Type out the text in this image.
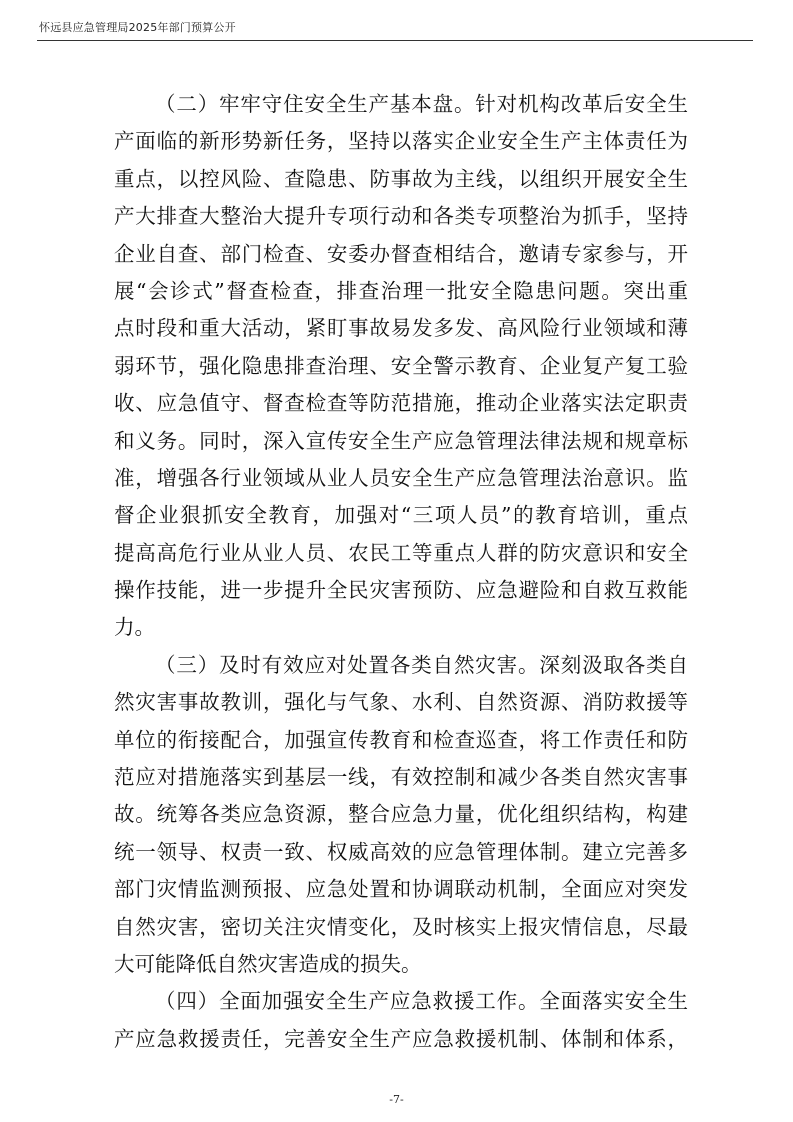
怀远县应急管理局2025年部门预算公开
（二）牢牢守住安全生产基本盘。针对机构改革后安全生
产面临的新形势新任务，坚持以落实企业安全生产主体责任为
重点，以控风险、查隐患、防事故为主线，以组织开展安全生
产大排查大整治大提升专项行动和各类专项整治为抓手，坚持
企业自查、部门检查、安委办督查相结合，邀请专家参与，开
展“会诊式”督查检查，排查治理一批安全隐患问题。突出重
点时段和重大活动，紧盯事故易发多发、高风险行业领域和薄
弱环节，强化隐患排查治理、安全警示教育、企业复产复工验
收、应急值守、督查检查等防范措施，推动企业落实法定职责
和义务。同时，深入宣传安全生产应急管理法律法规和规章标
准，增强各行业领域从业人员安全生产应急管理法治意识。监
督企业狠抓安全教育，加强对“三项人员”的教育培训，重点
提高高危行业从业人员、农民工等重点人群的防灾意识和安全
操作技能，进一步提升全民灾害预防、应急避险和自救互救能
力。
（三）及时有效应对处置各类自然灾害。深刻汲取各类自
然灾害事故教训，强化与气象、水利、自然资源、消防救援等
单位的衔接配合，加强宣传教育和检查巡查，将工作责任和防
范应对措施落实到基层一线，有效控制和减少各类自然灾害事
故。统筹各类应急资源，整合应急力量，优化组织结构，构建
统一领导、权责一致、权威高效的应急管理体制。建立完善多
部门灾情监测预报、应急处置和协调联动机制，全面应对突发
自然灾害，密切关注灾情变化，及时核实上报灾情信息，尽最
大可能降低自然灾害造成的损失。
（四）全面加强安全生产应急救援工作。全面落实安全生
产应急救援责任，完善安全生产应急救援机制、体制和体系，
-7-
